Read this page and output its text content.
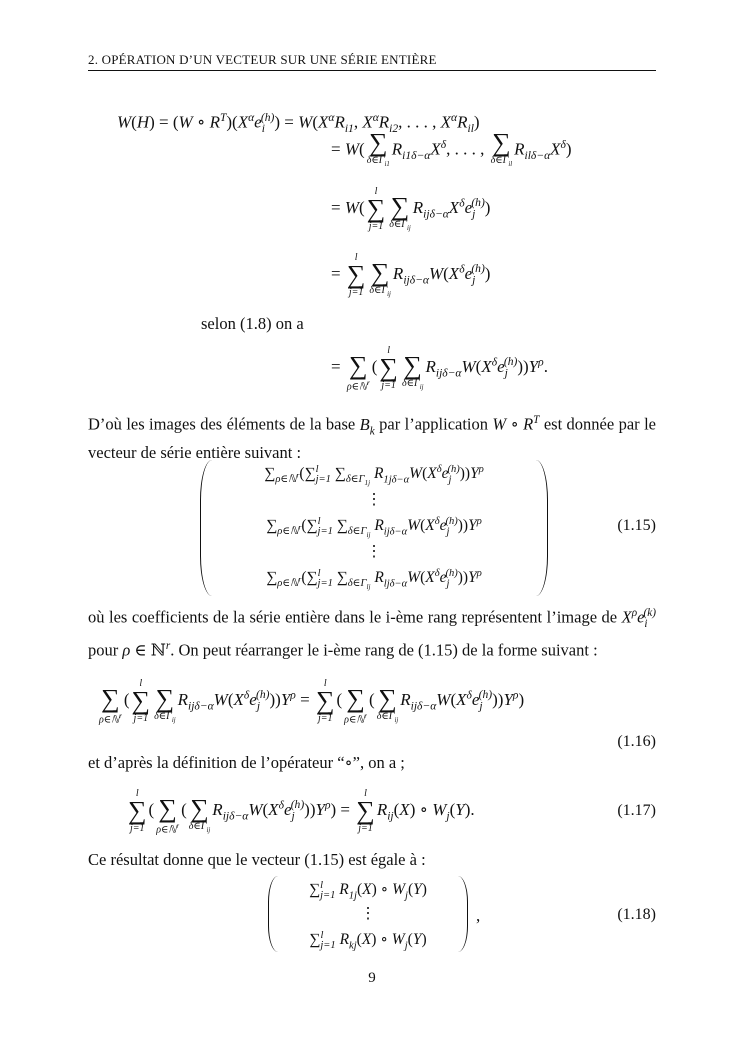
2. OPÉRATION D’UN VECTEUR SUR UNE SÉRIE ENTIÈRE
W(H) = (W ∘ $R^T)(X^\alpha e_i^{(h)}) = W(X^\alpha R_{i1}$, $X^\alpha R_{i2}$, . . . , $X^\alpha R_{il}$)
= W( ∑
$\delta\in\Gamma_{i1}$
$R_{i1\delta-\alpha}X^\delta$, . . . , ∑
$\delta\in\Gamma_{il}$
$R_{il\delta-\alpha}X^\delta$)
= W(
l
∑
j=1

∑
$\delta\in\Gamma_{ij}$
$R_{ij\delta-\alpha}X^\delta e_j^{(h)}$)
=
l
∑
j=1

∑
$\delta\in\Gamma_{ij}$
$R_{ij\delta-\alpha}W(X^\delta e_j^{(h)})$
selon (1.8) on a
=
∑
ρ∈ℕ$^r$
(
l
∑
j=1

∑
$\delta\in\Gamma_{ij}$
$R_{ij\delta-\alpha}W(X^\delta e_j^{(h)}))Y^\rho$.
D’où les images des éléments de la base $B_k$ par l’application W ∘ $R^T$ est donnée par le vecteur de série entière suivant :
$\sum_{\rho\in ℕ^r}(\sum^l_{j=1}$ $\sum_{\delta\in\Gamma_{1j}}$ $R_{1j\delta-\alpha}W(X^\delta e_j^{(h)}))Y^\rho$
⋮
$\sum_{\rho\in ℕ^r}(\sum^l_{j=1}$ $\sum_{\delta\in\Gamma_{ij}}$ $R_{ij\delta-\alpha}W(X^\delta e_j^{(h)}))Y^\rho$
⋮
$\sum_{\rho\in ℕ^r}(\sum^l_{j=1}$ $\sum_{\delta\in\Gamma_{lj}}$ $R_{lj\delta-\alpha}W(X^\delta e_j^{(h)}))Y^\rho$
(1.15)
où les coefficients de la série entière dans le i-ème rang représentent l’image de $X^\rho e_i^{(k)}$ pour ρ ∈ ℕ$^r$. On peut réarranger le i-ème rang de (1.15) de la forme suivant :

∑
ρ∈ℕ$^r$
(
l
∑
j=1

∑
$\delta\in\Gamma_{ij}$
$R_{ij\delta-\alpha}W(X^\delta e_j^{(h)}))Y^\rho$ =
l
∑
j=1
(
∑
ρ∈ℕ$^r$
(
∑
$\delta\in\Gamma_{ij}$
$R_{ij\delta-\alpha}W(X^\delta e_j^{(h)}))Y^\rho$)
(1.16)
et d’après la définition de l’opérateur “∘”, on a ;
l
∑
j=1
(
∑
ρ∈ℕ$^r$
(
∑
$\delta\in\Gamma_{ij}$
$R_{ij\delta-\alpha}W(X^\delta e_j^{(h)}))Y^\rho$) =
l
∑
j=1
$R_{ij}(X)$ ∘ $W_j(Y)$.	(1.17)
Ce résultat donne que le vecteur (1.15) est égale à :
∑$^l_{j=1}$ $R_{1j}(X)$ ∘ $W_j(Y)$
⋮
∑$^l_{j=1}$ $R_{kj}(X)$ ∘ $W_j(Y)$
,	(1.18)
9
